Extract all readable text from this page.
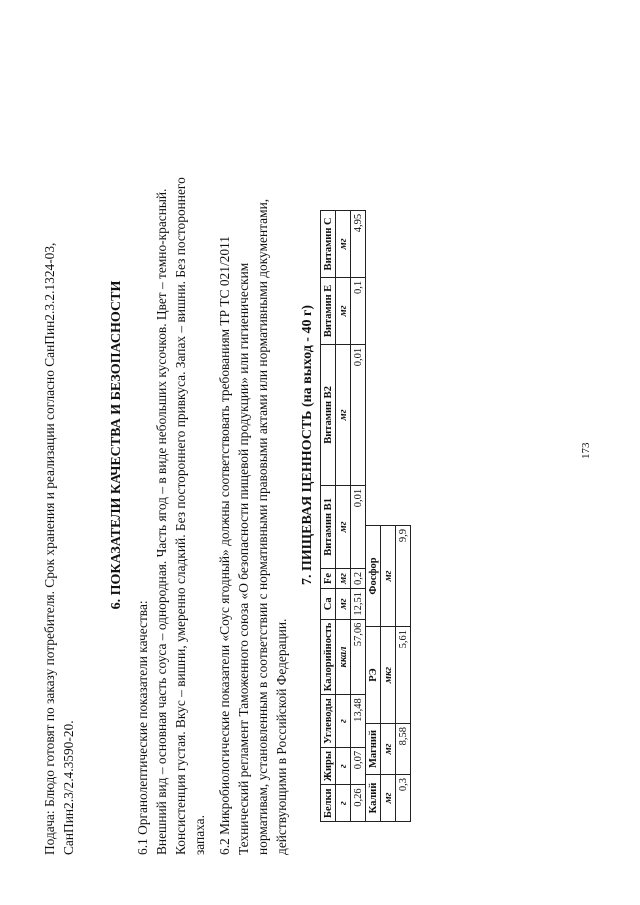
Подача: Блюдо готовят по заказу потребителя. Срок хранения и реализации согласно СанПин2.3.2.1324-03, СанПин2.3/2.4.3590-20.
6. ПОКАЗАТЕЛИ КАЧЕСТВА И БЕЗОПАСНОСТИ
6.1 Органолептические показатели качества: Внешний вид – основная часть соуса – однородная. Часть ягод – в виде небольших кусочков. Цвет – темно-красный. Консистенция густая. Вкус – вишни, умеренно сладкий. Без постороннего привкуса. Запах – вишни. Без постороннего запаха. 6.2 Микробиологические показатели «Соус ягодный» должны соответствовать требованиям ТР ТС 021/2011 Технический регламент Таможенного союза «О безопасности пищевой продукции» или гигиеническим нормативам, установленным в соответствии с нормативными правовыми актами или нормативными документами, действующими в Российской Федерации.
7. ПИЩЕВАЯ ЦЕННОСТЬ (на выход - 40 г)
Белки	Жиры	Углеводы	Калорийность	Ca	Fe	Витамин В1	Витамин В2	Витамин Е	Витамин С
г	г	г	ккал	мг	мг	мг	мг	мг	мг
0,26	0,07	13,48	57,06	12,51	0,2	0,01	0,01	0,1	4,95
Калий	Магний	РЭ	Фосфор
мг	мг	мкг	мг
0,3	8,58	5,61	9,9
173
